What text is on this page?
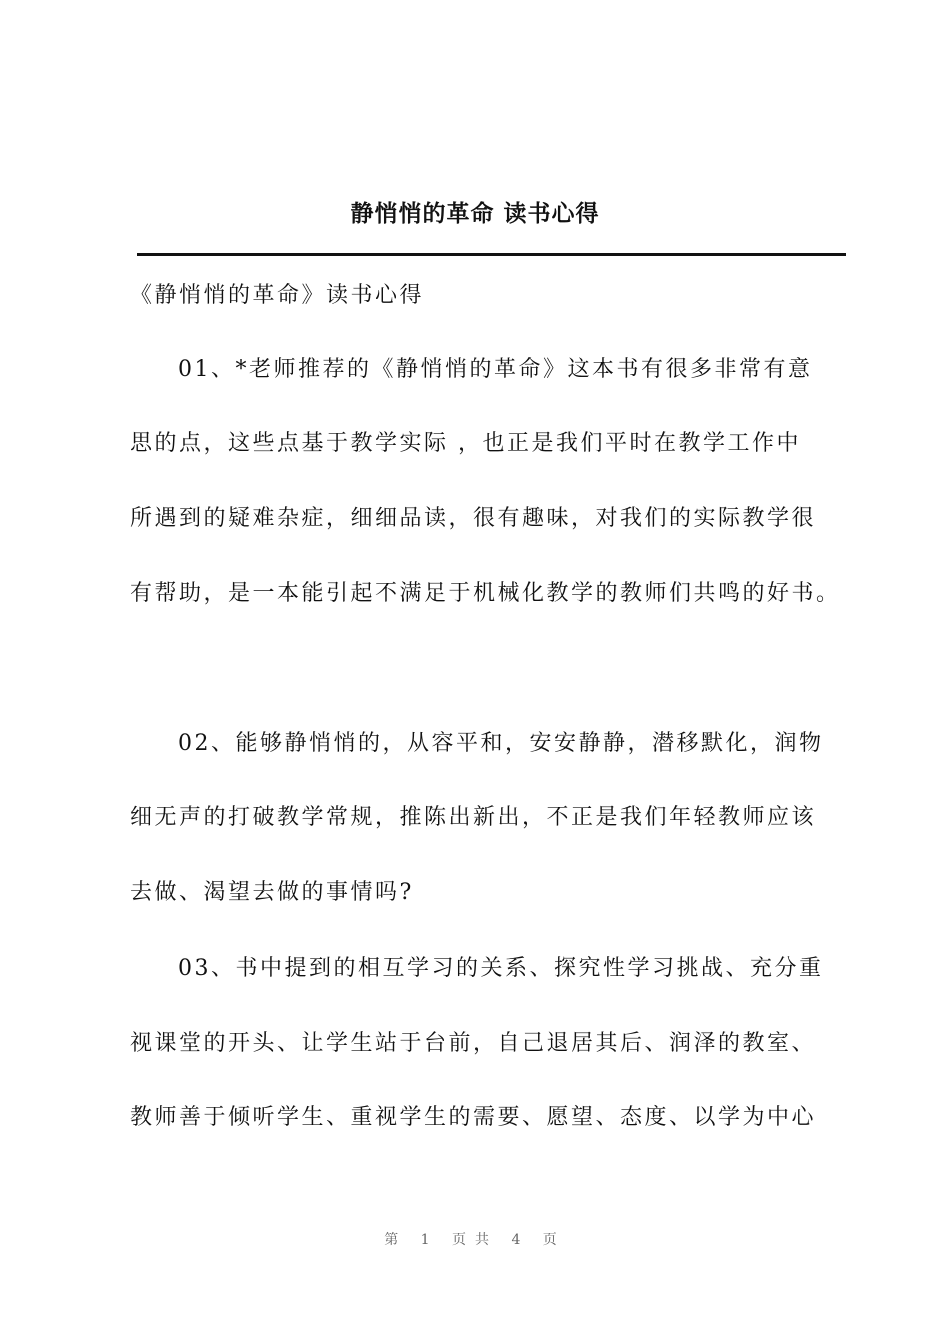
静悄悄的革命 读书心得
《静悄悄的革命》读书心得
01、*老师推荐的《静悄悄的革命》这本书有很多非常有意
思的点，这些点基于教学实际 ，也正是我们平时在教学工作中
所遇到的疑难杂症，细细品读，很有趣味，对我们的实际教学很
有帮助，是一本能引起不满足于机械化教学的教师们共鸣的好书。
02、能够静悄悄的，从容平和，安安静静，潜移默化，润物
细无声的打破教学常规，推陈出新出，不正是我们年轻教师应该
去做、渴望去做的事情吗?
03、书中提到的相互学习的关系、探究性学习挑战、充分重
视课堂的开头、让学生站于台前，自己退居其后、润泽的教室、
教师善于倾听学生、重视学生的需要、愿望、态度、以学为中心
第 1 页共 4 页
